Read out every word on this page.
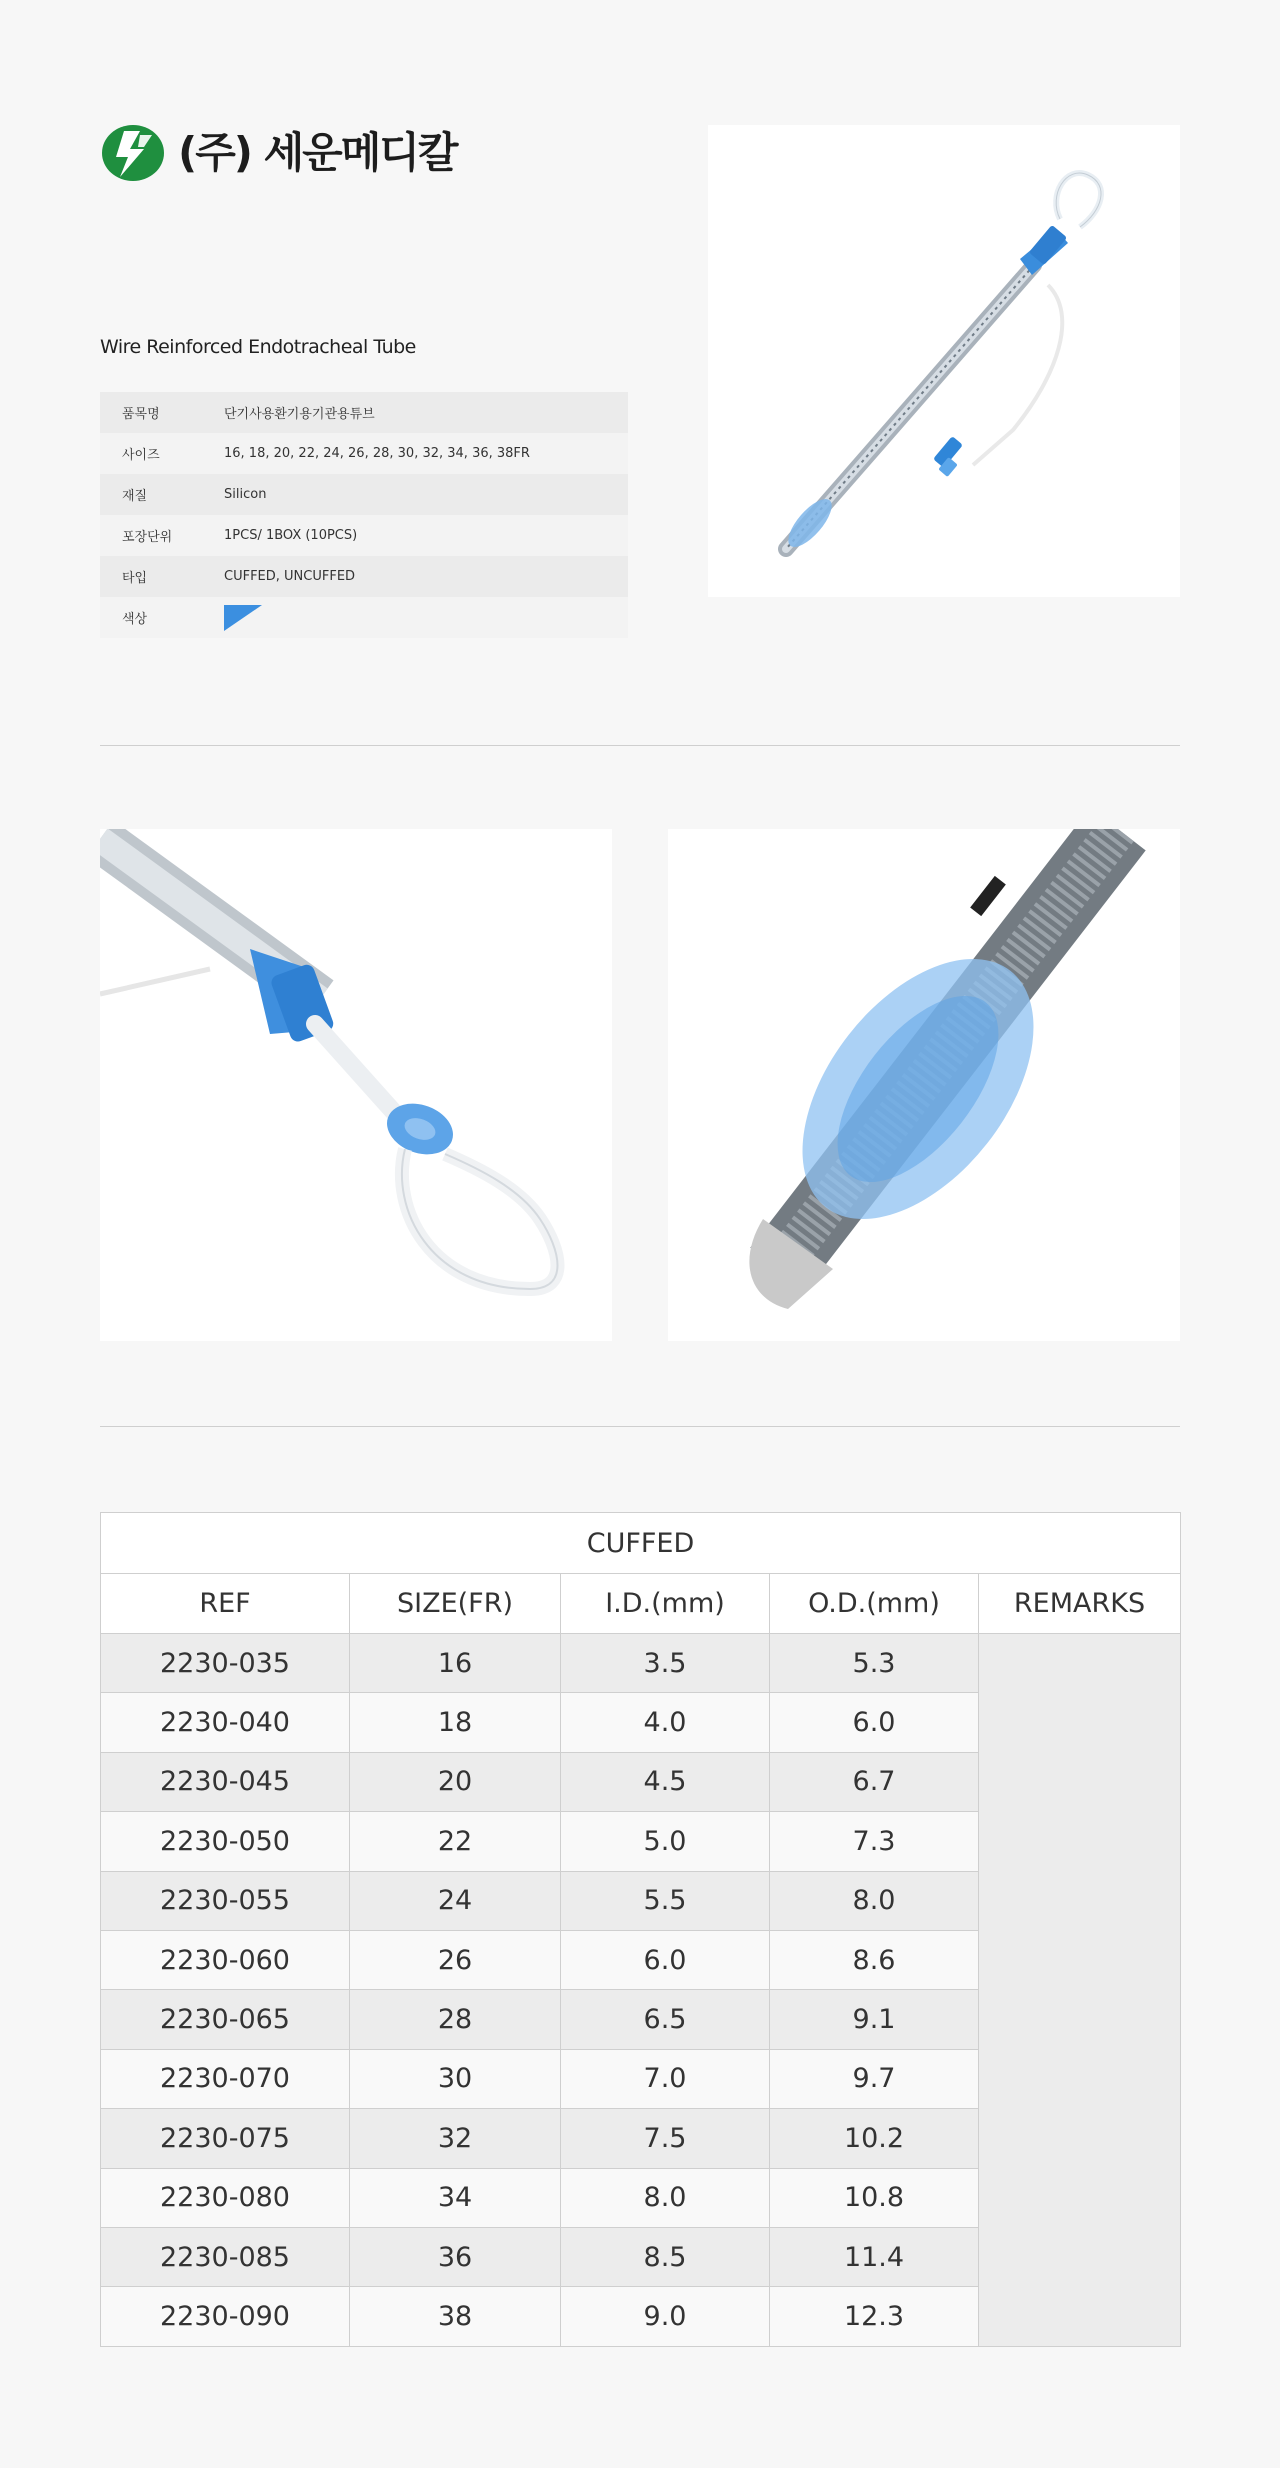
(주) 세운메디칼
Wire Reinforced Endotracheal Tube
품목명	단기사용환기용기관용튜브
사이즈	16, 18, 20, 22, 24, 26, 28, 30, 32, 34, 36, 38FR
재질	Silicon
포장단위	1PCS/ 1BOX (10PCS)
타입	CUFFED, UNCUFFED
색상	
CUFFED				
REF	SIZE(FR)	I.D.(mm)	O.D.(mm)	REMARKS
2230-035	16	3.5	5.3	
2230-040	18	4.0	6.0	
2230-045	20	4.5	6.7	
2230-050	22	5.0	7.3	
2230-055	24	5.5	8.0	
2230-060	26	6.0	8.6	
2230-065	28	6.5	9.1	
2230-070	30	7.0	9.7	
2230-075	32	7.5	10.2	
2230-080	34	8.0	10.8	
2230-085	36	8.5	11.4	
2230-090	38	9.0	12.3	
